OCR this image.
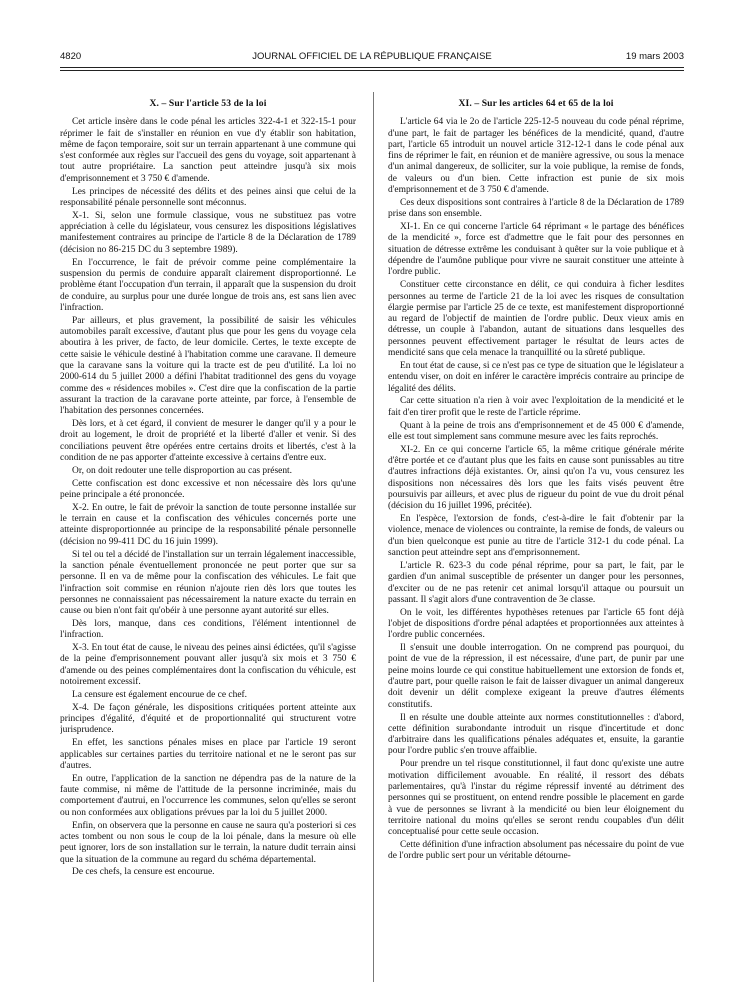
4820	JOURNAL OFFICIEL DE LA RÉPUBLIQUE FRANÇAISE	19 mars 2003
X. – Sur l'article 53 de la loi

Cet article insère dans le code pénal les articles 322-4-1 et 322-15-1 pour réprimer le fait de s'installer en réunion en vue d'y établir son habitation, même de façon temporaire, soit sur un terrain appartenant à une commune qui s'est conformée aux règles sur l'accueil des gens du voyage, soit appartenant à tout autre propriétaire. La sanction peut atteindre jusqu'à six mois d'emprisonnement et 3 750 € d'amende.

Les principes de nécessité des délits et des peines ainsi que celui de la responsabilité pénale personnelle sont méconnus.

X-1. Si, selon une formule classique, vous ne substituez pas votre appréciation à celle du législateur, vous censurez les dispositions législatives manifestement contraires au principe de l'article 8 de la Déclaration de 1789 (décision no 86-215 DC du 3 septembre 1989).

En l'occurrence, le fait de prévoir comme peine complémentaire la suspension du permis de conduire apparaît clairement disproportionné. Le problème étant l'occupation d'un terrain, il apparaît que la suspension du droit de conduire, au surplus pour une durée longue de trois ans, est sans lien avec l'infraction.

Par ailleurs, et plus gravement, la possibilité de saisir les véhicules automobiles paraît excessive, d'autant plus que pour les gens du voyage cela aboutira à les priver, de facto, de leur domicile. Certes, le texte excepte de cette saisie le véhicule destiné à l'habitation comme une caravane. Il demeure que la caravane sans la voiture qui la tracte est de peu d'utilité. La loi no 2000-614 du 5 juillet 2000 a défini l'habitat traditionnel des gens du voyage comme des « résidences mobiles ». C'est dire que la confiscation de la partie assurant la traction de la caravane porte atteinte, par force, à l'ensemble de l'habitation des personnes concernées.

Dès lors, et à cet égard, il convient de mesurer le danger qu'il y a pour le droit au logement, le droit de propriété et la liberté d'aller et venir. Si des conciliations peuvent être opérées entre certains droits et libertés, c'est à la condition de ne pas apporter d'atteinte excessive à certains d'entre eux.

Or, on doit redouter une telle disproportion au cas présent.

Cette confiscation est donc excessive et non nécessaire dès lors qu'une peine principale a été prononcée.

X-2. En outre, le fait de prévoir la sanction de toute personne installée sur le terrain en cause et la confiscation des véhicules concernés porte une atteinte disproportionnée au principe de la responsabilité pénale personnelle (décision no 99-411 DC du 16 juin 1999).

Si tel ou tel a décidé de l'installation sur un terrain légalement inaccessible, la sanction pénale éventuellement prononcée ne peut porter que sur sa personne. Il en va de même pour la confiscation des véhicules. Le fait que l'infraction soit commise en réunion n'ajoute rien dès lors que toutes les personnes ne connaissaient pas nécessairement la nature exacte du terrain en cause ou bien n'ont fait qu'obéir à une personne ayant autorité sur elles.

Dès lors, manque, dans ces conditions, l'élément intentionnel de l'infraction.

X-3. En tout état de cause, le niveau des peines ainsi édictées, qu'il s'agisse de la peine d'emprisonnement pouvant aller jusqu'à six mois et 3 750 € d'amende ou des peines complémentaires dont la confiscation du véhicule, est notoirement excessif.

La censure est également encourue de ce chef.

X-4. De façon générale, les dispositions critiquées portent atteinte aux principes d'égalité, d'équité et de proportionnalité qui structurent votre jurisprudence.

En effet, les sanctions pénales mises en place par l'article 19 seront applicables sur certaines parties du territoire national et ne le seront pas sur d'autres.

En outre, l'application de la sanction ne dépendra pas de la nature de la faute commise, ni même de l'attitude de la personne incriminée, mais du comportement d'autrui, en l'occurrence les communes, selon qu'elles se seront ou non conformées aux obligations prévues par la loi du 5 juillet 2000.

Enfin, on observera que la personne en cause ne saura qu'a posteriori si ces actes tombent ou non sous le coup de la loi pénale, dans la mesure où elle peut ignorer, lors de son installation sur le terrain, la nature dudit terrain ainsi que la situation de la commune au regard du schéma départemental.

De ces chefs, la censure est encourue.

XI. – Sur les articles 64 et 65 de la loi

L'article 64 via le 2o de l'article 225-12-5 nouveau du code pénal réprime, d'une part, le fait de partager les bénéfices de la mendicité, quand, d'autre part, l'article 65 introduit un nouvel article 312-12-1 dans le code pénal aux fins de réprimer le fait, en réunion et de manière agressive, ou sous la menace d'un animal dangereux, de solliciter, sur la voie publique, la remise de fonds, de valeurs ou d'un bien. Cette infraction est punie de six mois d'emprisonnement et de 3 750 € d'amende.

Ces deux dispositions sont contraires à l'article 8 de la Déclaration de 1789 prise dans son ensemble.

XI-1. En ce qui concerne l'article 64 réprimant « le partage des bénéfices de la mendicité », force est d'admettre que le fait pour des personnes en situation de détresse extrême les conduisant à quêter sur la voie publique et à dépendre de l'aumône publique pour vivre ne saurait constituer une atteinte à l'ordre public.

Constituer cette circonstance en délit, ce qui conduira à ficher lesdites personnes au terme de l'article 21 de la loi avec les risques de consultation élargie permise par l'article 25 de ce texte, est manifestement disproportionné au regard de l'objectif de maintien de l'ordre public. Deux vieux amis en détresse, un couple à l'abandon, autant de situations dans lesquelles des personnes peuvent effectivement partager le résultat de leurs actes de mendicité sans que cela menace la tranquillité ou la sûreté publique.

En tout état de cause, si ce n'est pas ce type de situation que le législateur a entendu viser, on doit en inférer le caractère imprécis contraire au principe de légalité des délits.

Car cette situation n'a rien à voir avec l'exploitation de la mendicité et le fait d'en tirer profit que le reste de l'article réprime.

Quant à la peine de trois ans d'emprisonnement et de 45 000 € d'amende, elle est tout simplement sans commune mesure avec les faits reprochés.

XI-2. En ce qui concerne l'article 65, la même critique générale mérite d'être portée et ce d'autant plus que les faits en cause sont punissables au titre d'autres infractions déjà existantes. Or, ainsi qu'on l'a vu, vous censurez les dispositions non nécessaires dès lors que les faits visés peuvent être poursuivis par ailleurs, et avec plus de rigueur du point de vue du droit pénal (décision du 16 juillet 1996, précitée).

En l'espèce, l'extorsion de fonds, c'est-à-dire le fait d'obtenir par la violence, menace de violences ou contrainte, la remise de fonds, de valeurs ou d'un bien quelconque est punie au titre de l'article 312-1 du code pénal. La sanction peut atteindre sept ans d'emprisonnement.

L'article R. 623-3 du code pénal réprime, pour sa part, le fait, par le gardien d'un animal susceptible de présenter un danger pour les personnes, d'exciter ou de ne pas retenir cet animal lorsqu'il attaque ou poursuit un passant. Il s'agit alors d'une contravention de 3e classe.

On le voit, les différentes hypothèses retenues par l'article 65 font déjà l'objet de dispositions d'ordre pénal adaptées et proportionnées aux atteintes à l'ordre public concernées.

Il s'ensuit une double interrogation. On ne comprend pas pourquoi, du point de vue de la répression, il est nécessaire, d'une part, de punir par une peine moins lourde ce qui constitue habituellement une extorsion de fonds et, d'autre part, pour quelle raison le fait de laisser divaguer un animal dangereux doit devenir un délit complexe exigeant la preuve d'autres éléments constitutifs.

Il en résulte une double atteinte aux normes constitutionnelles : d'abord, cette définition surabondante introduit un risque d'incertitude et donc d'arbitraire dans les qualifications pénales adéquates et, ensuite, la garantie pour l'ordre public s'en trouve affaiblie.

Pour prendre un tel risque constitutionnel, il faut donc qu'existe une autre motivation difficilement avouable. En réalité, il ressort des débats parlementaires, qu'à l'instar du régime répressif inventé au détriment des personnes qui se prostituent, on entend rendre possible le placement en garde à vue de personnes se livrant à la mendicité ou bien leur éloignement du territoire national du moins qu'elles se seront rendu coupables d'un délit conceptualisé pour cette seule occasion.

Cette définition d'une infraction absolument pas nécessaire du point de vue de l'ordre public sert pour un véritable détourne-
